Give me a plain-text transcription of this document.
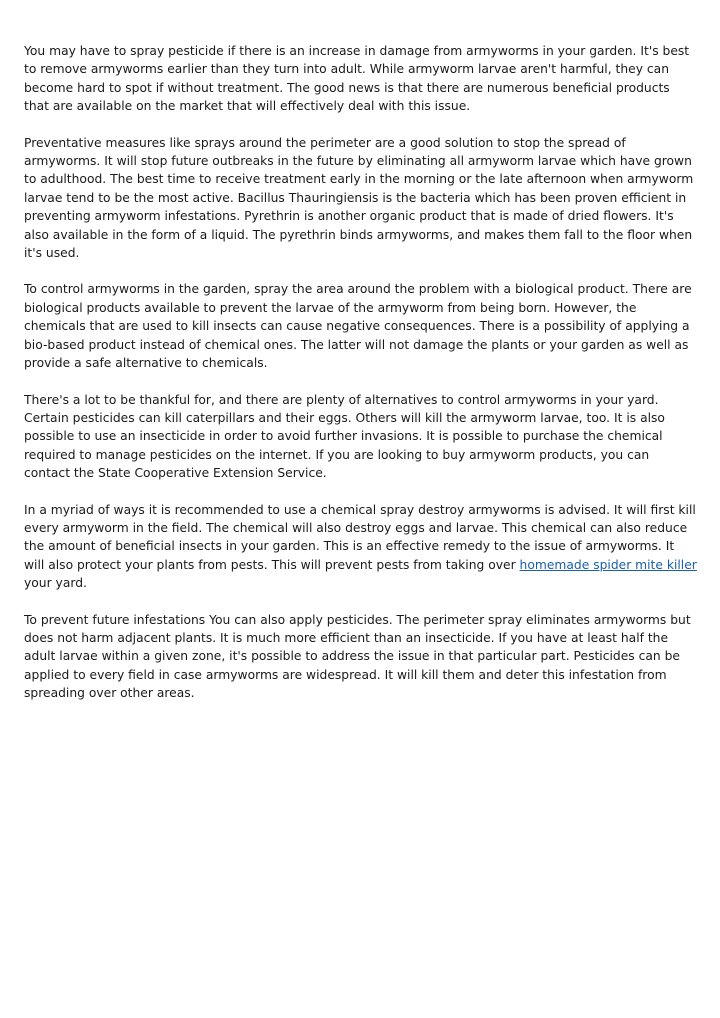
You may have to spray pesticide if there is an increase in damage from armyworms in your garden. It's best to remove armyworms earlier than they turn into adult. While armyworm larvae aren't harmful, they can become hard to spot if without treatment. The good news is that there are numerous beneficial products that are available on the market that will effectively deal with this issue.

Preventative measures like sprays around the perimeter are a good solution to stop the spread of armyworms. It will stop future outbreaks in the future by eliminating all armyworm larvae which have grown to adulthood. The best time to receive treatment early in the morning or the late afternoon when armyworm larvae tend to be the most active. Bacillus Thauringiensis is the bacteria which has been proven efficient in preventing armyworm infestations. Pyrethrin is another organic product that is made of dried flowers. It's also available in the form of a liquid. The pyrethrin binds armyworms, and makes them fall to the floor when it's used.

To control armyworms in the garden, spray the area around the problem with a biological product. There are biological products available to prevent the larvae of the armyworm from being born. However, the chemicals that are used to kill insects can cause negative consequences. There is a possibility of applying a bio-based product instead of chemical ones. The latter will not damage the plants or your garden as well as provide a safe alternative to chemicals.

There's a lot to be thankful for, and there are plenty of alternatives to control armyworms in your yard. Certain pesticides can kill caterpillars and their eggs. Others will kill the armyworm larvae, too. It is also possible to use an insecticide in order to avoid further invasions. It is possible to purchase the chemical required to manage pesticides on the internet. If you are looking to buy armyworm products, you can contact the State Cooperative Extension Service.

In a myriad of ways it is recommended to use a chemical spray destroy armyworms is advised. It will first kill every armyworm in the field. The chemical will also destroy eggs and larvae. This chemical can also reduce the amount of beneficial insects in your garden. This is an effective remedy to the issue of armyworms. It will also protect your plants from pests. This will prevent pests from taking over homemade spider mite killer your yard.

To prevent future infestations You can also apply pesticides. The perimeter spray eliminates armyworms but does not harm adjacent plants. It is much more efficient than an insecticide. If you have at least half the adult larvae within a given zone, it's possible to address the issue in that particular part. Pesticides can be applied to every field in case armyworms are widespread. It will kill them and deter this infestation from spreading over other areas.
